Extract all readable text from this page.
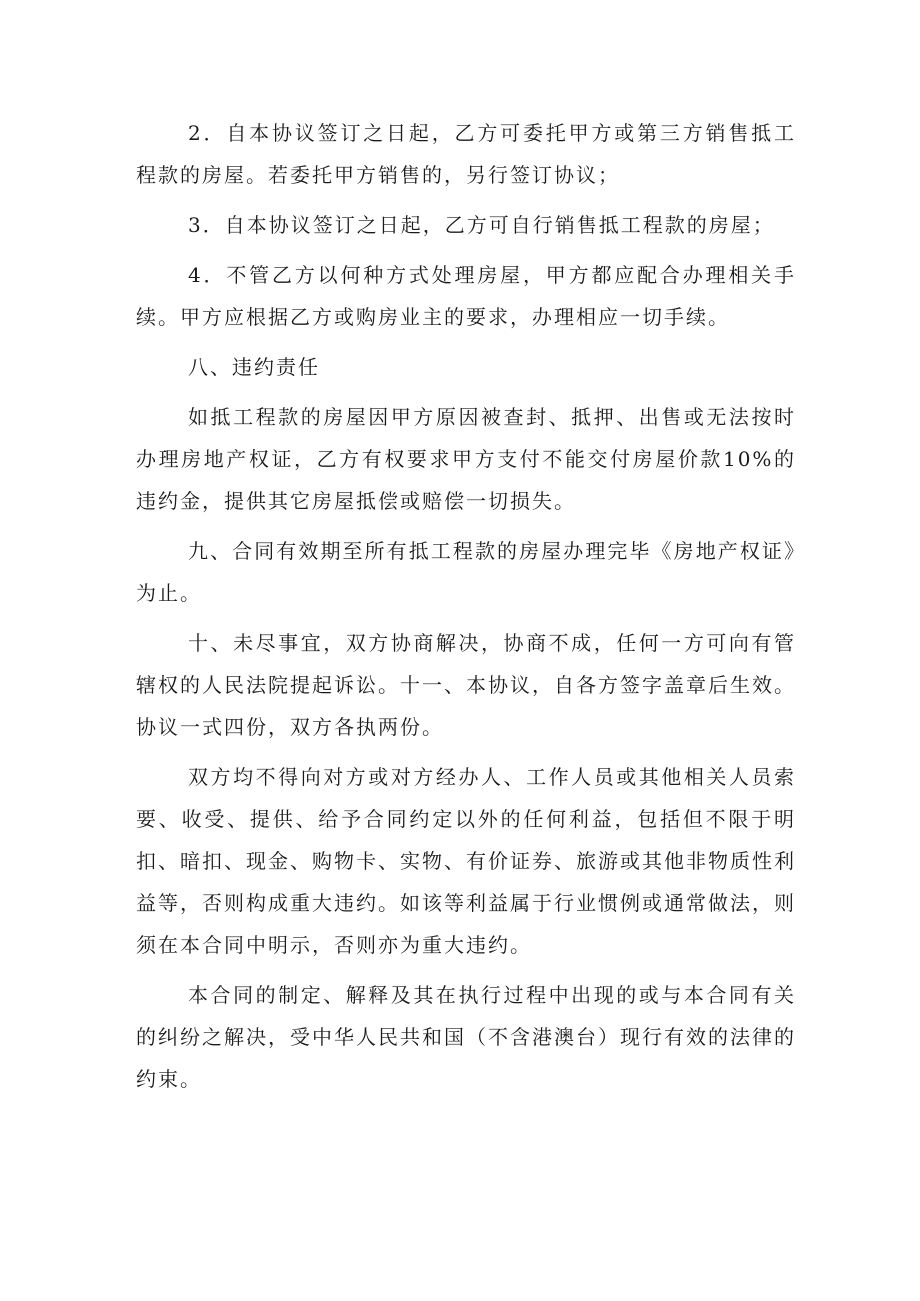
2．自本协议签订之日起，乙方可委托甲方或第三方销售抵工程款的房屋。若委托甲方销售的，另行签订协议；

3．自本协议签订之日起，乙方可自行销售抵工程款的房屋；

4．不管乙方以何种方式处理房屋，甲方都应配合办理相关手续。甲方应根据乙方或购房业主的要求，办理相应一切手续。

八、违约责任

如抵工程款的房屋因甲方原因被查封、抵押、出售或无法按时办理房地产权证，乙方有权要求甲方支付不能交付房屋价款10%的违约金，提供其它房屋抵偿或赔偿一切损失。

九、合同有效期至所有抵工程款的房屋办理完毕《房地产权证》为止。

十、未尽事宜，双方协商解决，协商不成，任何一方可向有管辖权的人民法院提起诉讼。十一、本协议，自各方签字盖章后生效。协议一式四份，双方各执两份。

双方均不得向对方或对方经办人、工作人员或其他相关人员索要、收受、提供、给予合同约定以外的任何利益，包括但不限于明扣、暗扣、现金、购物卡、实物、有价证券、旅游或其他非物质性利益等，否则构成重大违约。如该等利益属于行业惯例或通常做法，则须在本合同中明示，否则亦为重大违约。

本合同的制定、解释及其在执行过程中出现的或与本合同有关的纠纷之解决，受中华人民共和国（不含港澳台）现行有效的法律的约束。
